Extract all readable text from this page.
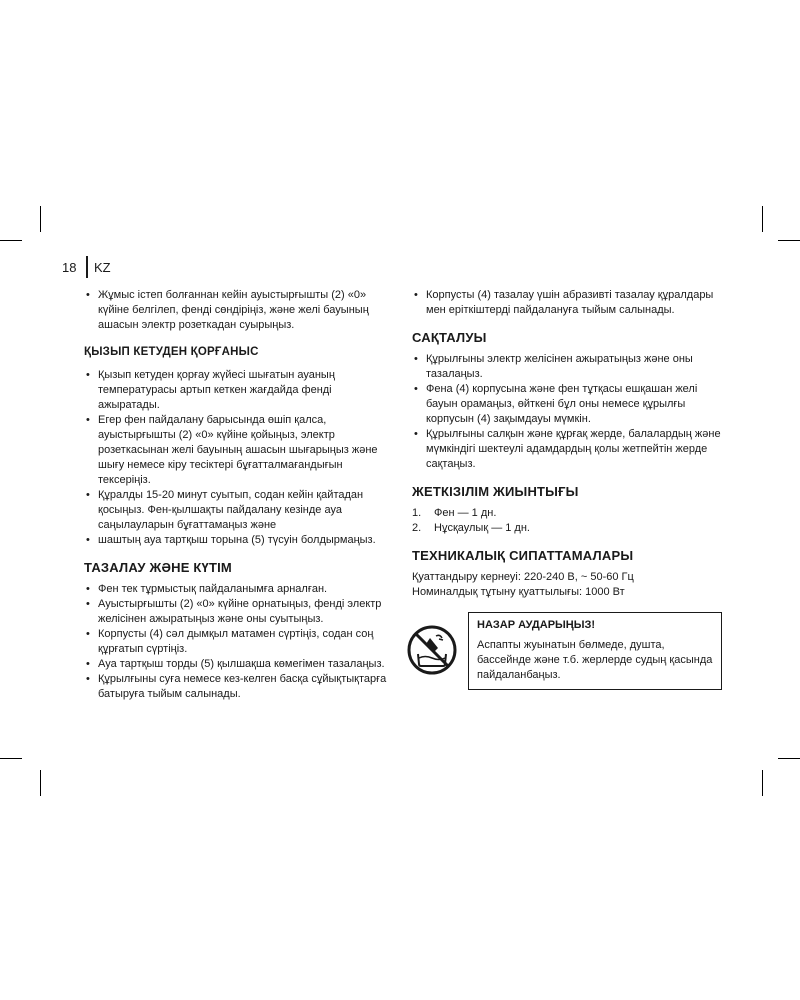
18	KZ
• Жұмыс істеп болғаннан кейін ауыстырғышты (2) «0» күйіне белгілеп, фенді сөндіріңіз, және желі бауының ашасын электр розеткадан суырыңыз.
ҚЫЗЫП КЕТУДЕН ҚОРҒАНЫС
• Қызып кетуден қорғау жүйесі шығатын ауаның температурасы артып кеткен жағдайда фенді ажыратады.
• Егер фен пайдалану барысында өшіп қалса, ауыстырғышты (2) «0» күйіне қойыңыз, электр розеткасынан желі бауының ашасын шығарыңыз және шығу немесе кіру тесіктері бұғатталмағандығын тексеріңіз.
• Құралды 15-20 минут суытып, содан кейін қайтадан қосыңыз. Фен-қылшақты пайдалану кезінде ауа саңылауларын бұғаттамаңыз және
• шаштың ауа тартқыш торына (5) түсуін болдырмаңыз.
ТАЗАЛАУ ЖӘНЕ КҮТІМ
• Фен тек тұрмыстық пайдаланымға арналған.
• Ауыстырғышты (2) «0» күйіне орнатыңыз, фенді электр желісінен ажыратыңыз және оны суытыңыз.
• Корпусты (4) сәл дымқыл матамен сүртіңіз, содан соң құрғатып сүртіңіз.
• Ауа тартқыш торды (5) қылшақша көмегімен тазалаңыз.
• Құрылғыны суға немесе кез-келген басқа сұйықтықтарға батыруға тыйым салынады.
• Корпусты (4) тазалау үшін абразивті тазалау құралдары мен еріткіштерді пайдалануға тыйым салынады.
САҚТАЛУЫ
• Құрылғыны электр желісінен ажыратыңыз және оны тазалаңыз.
• Фена (4) корпусына және фен тұтқасы ешқашан желі бауын орамаңыз, өйткені бұл оны немесе құрылғы корпусын (4) зақымдауы мүмкін.
• Құрылғыны салқын және құрғақ жерде, балалардың және мүмкіндігі шектеулі адамдардың қолы жетпейтін жерде сақтаңыз.
ЖЕТКІЗІЛІМ ЖИЫНТЫҒЫ
1.	Фен — 1 дн.
2.	Нұсқаулық — 1 дн.
ТЕХНИКАЛЫҚ СИПАТТАМАЛАРЫ

Қуаттандыру кернеуі: 220-240 В, ~ 50-60 Гц

Номиналдық тұтыну қуаттылығы: 1000 Вт

НАЗАР АУДАРЫҢЫЗ!
Аспапты жуынатын бөлмеде, душта, бассейнде және т.б. жерлерде судың қасында пайдаланбаңыз.
